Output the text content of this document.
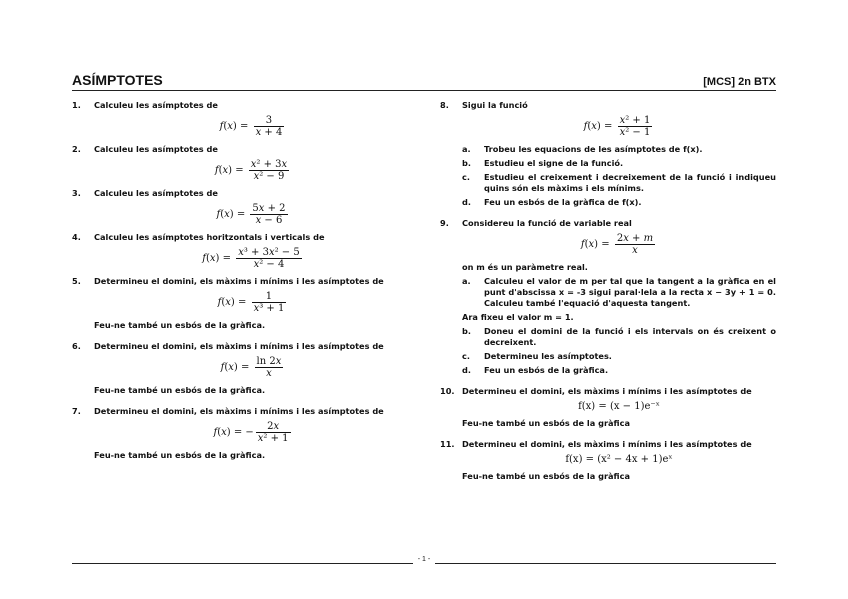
ASÍMPTOTES	[MCS] 2n BTX
1. Calculeu les asímptotes de
$f(x) = \frac{3}{x + 4}$
2. Calculeu les asímptotes de
$f(x) = \frac{\text{x² + 3x}}{\text{x² − 9}}$
3. Calculeu les asímptotes de
$f(x) = \frac{5x + 2}{x - 6}$
4. Calculeu les asímptotes horitzontals i verticals de
$f(x) = \frac{\text{x³ + 3x² − 5}}{\text{x² − 4}}$
5. Determineu el domini, els màxims i mínims i les asímptotes de
$f(x) = \frac{1}{\text{x³ + 1}}$
Feu-ne també un esbós de la gràfica.
6. Determineu el domini, els màxims i mínims i les asímptotes de
$f(x) = \frac{\ln 2x}{x}$
Feu-ne també un esbós de la gràfica.
7. Determineu el domini, els màxims i mínims i les asímptotes de
f(x) = − $\frac{2x}{\text{x² + 1}}$
Feu-ne també un esbós de la gràfica.
8. Sigui la funció
$f(x) = \frac{\text{x² + 1}}{\text{x² − 1}}$
a. Trobeu les equacions de les asímptotes de f(x).
b. Estudieu el signe de la funció.
c. Estudieu el creixement i decreixement de la funció i indiqueu quins són els màxims i els mínims.
d. Feu un esbós de la gràfica de f(x).
9. Considereu la funció de variable real
$f(x) = \frac{2x + m}{x}$
on m és un paràmetre real.
a. Calculeu el valor de m per tal que la tangent a la gràfica en el punt d'abscissa x = -3 sigui paral·lela a la recta x − 3y + 1 = 0. Calculeu també l'equació d'aquesta tangent.
Ara fixeu el valor m = 1.
b. Doneu el domini de la funció i els intervals on és creixent o decreixent.
c. Determineu les asímptotes.
d. Feu un esbós de la gràfica.
10. Determineu el domini, els màxims i mínims i les asímptotes de
f(x) = (x − 1)e⁻ˣ
Feu-ne també un esbós de la gràfica
11. Determineu el domini, els màxims i mínims i les asímptotes de
f(x) = (x² − 4x + 1)eˣ
Feu-ne també un esbós de la gràfica
- 1 -
